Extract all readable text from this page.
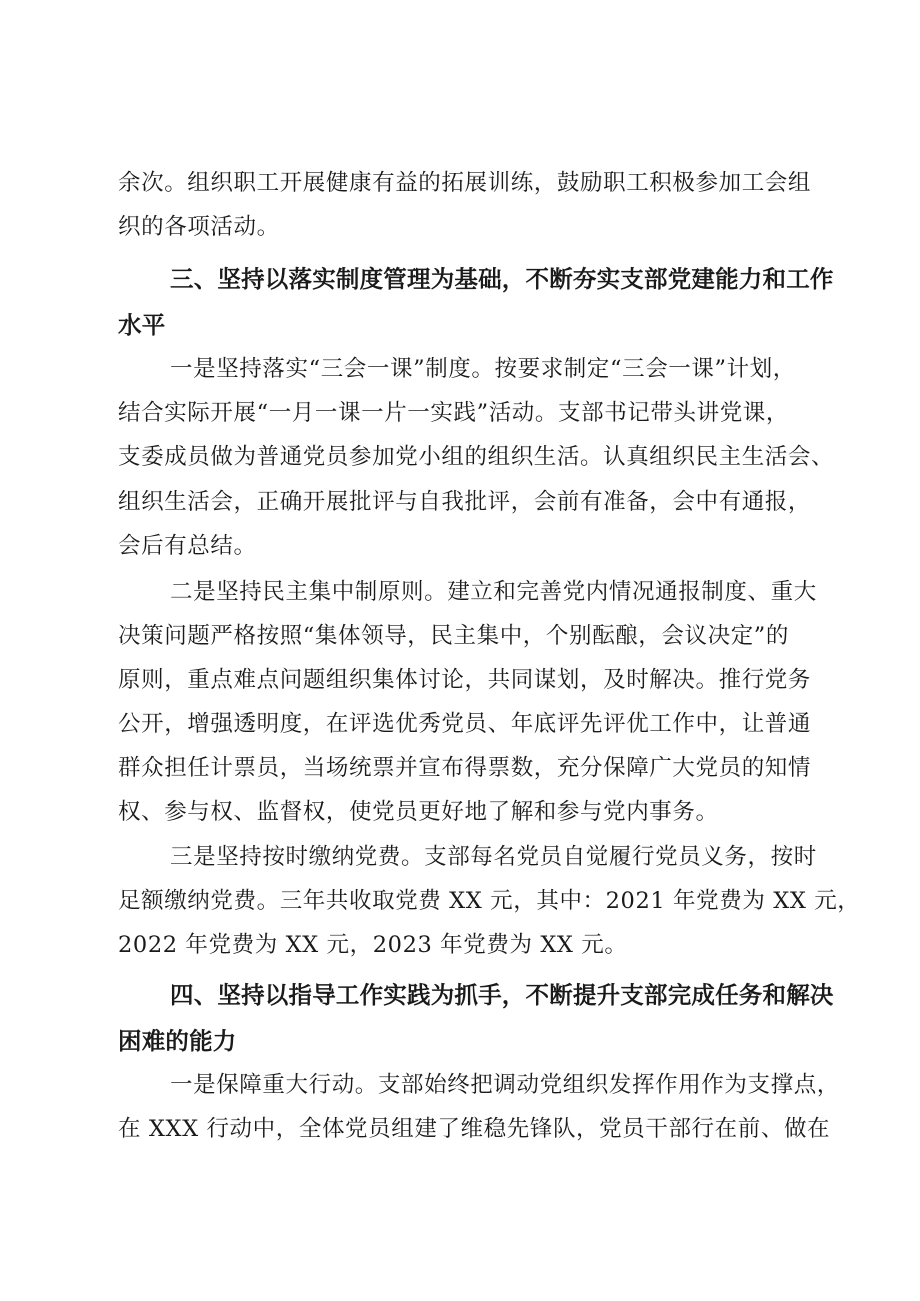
余次。组织职工开展健康有益的拓展训练，鼓励职工积极参加工会组
织的各项活动。
三、坚持以落实制度管理为基础，不断夯实支部党建能力和工作
水平
一是坚持落实“三会一课”制度。按要求制定“三会一课”计划，
结合实际开展“一月一课一片一实践”活动。支部书记带头讲党课，
支委成员做为普通党员参加党小组的组织生活。认真组织民主生活会、
组织生活会，正确开展批评与自我批评，会前有准备，会中有通报，
会后有总结。
二是坚持民主集中制原则。建立和完善党内情况通报制度、重大
决策问题严格按照“集体领导，民主集中，个别酝酿，会议决定”的
原则，重点难点问题组织集体讨论，共同谋划，及时解决。推行党务
公开，增强透明度，在评选优秀党员、年底评先评优工作中，让普通
群众担任计票员，当场统票并宣布得票数，充分保障广大党员的知情
权、参与权、监督权，使党员更好地了解和参与党内事务。
三是坚持按时缴纳党费。支部每名党员自觉履行党员义务，按时
足额缴纳党费。三年共收取党费 XX 元，其中：2021 年党费为 XX 元，
2022 年党费为 XX 元，2023 年党费为 XX 元。
四、坚持以指导工作实践为抓手，不断提升支部完成任务和解决
困难的能力
一是保障重大行动。支部始终把调动党组织发挥作用作为支撑点，
在 XXX 行动中，全体党员组建了维稳先锋队，党员干部行在前、做在
